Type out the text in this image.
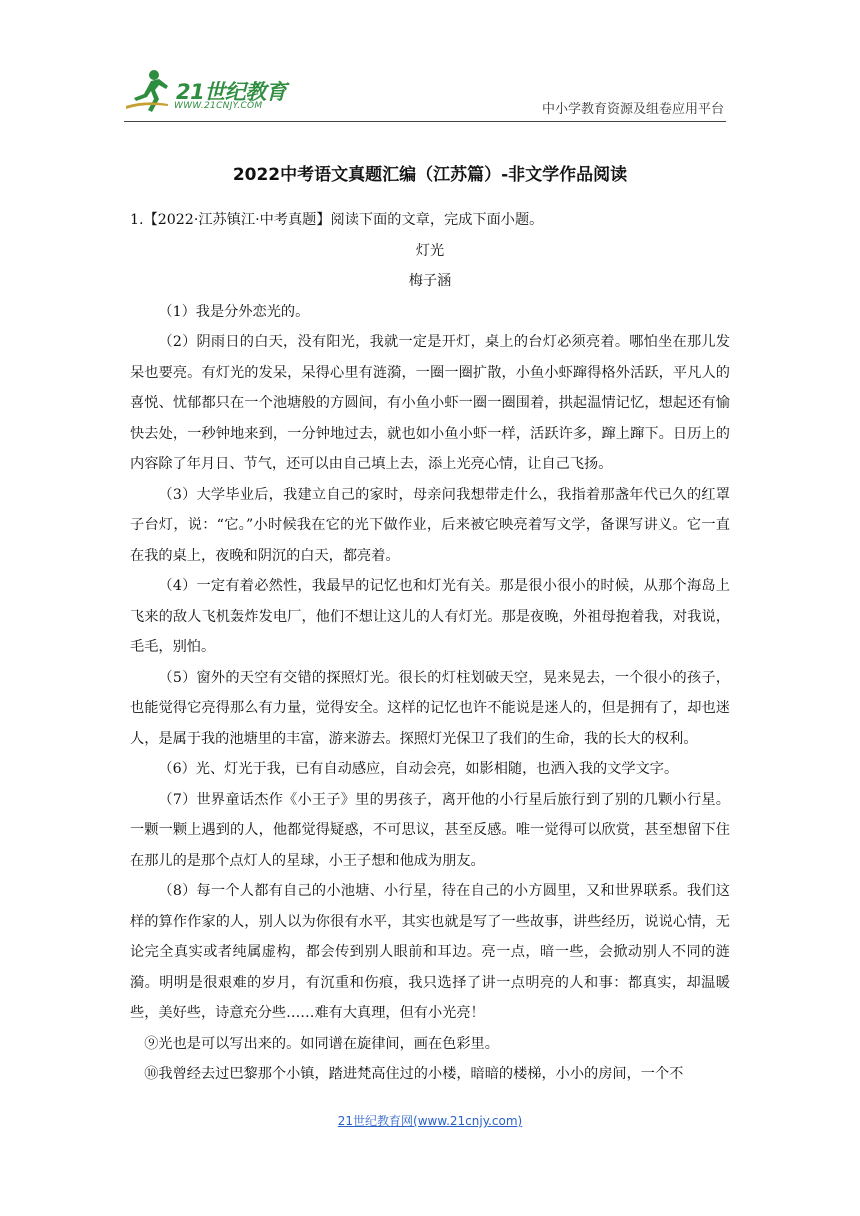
21世纪教育
WWW.21CNJY.COM	中小学教育资源及组卷应用平台
2022中考语文真题汇编（江苏篇）-非文学作品阅读

1.【2022·江苏镇江·中考真题】阅读下面的文章，完成下面小题。

灯光

梅子涵

（1）我是分外恋光的。

（2）阴雨日的白天，没有阳光，我就一定是开灯，桌上的台灯必须亮着。哪怕坐在那儿发呆也要亮。有灯光的发呆，呆得心里有涟漪，一圈一圈扩散，小鱼小虾蹿得格外活跃，平凡人的喜悦、忧郁都只在一个池塘般的方圆间，有小鱼小虾一圈一圈围着，拱起温情记忆，想起还有愉快去处，一秒钟地来到，一分钟地过去，就也如小鱼小虾一样，活跃许多，蹿上蹿下。日历上的内容除了年月日、节气，还可以由自己填上去，添上光亮心情，让自己飞扬。

（3）大学毕业后，我建立自己的家时，母亲问我想带走什么，我指着那盏年代已久的红罩子台灯，说：“它。”小时候我在它的光下做作业，后来被它映亮着写文学，备课写讲义。它一直在我的桌上，夜晚和阴沉的白天，都亮着。

（4）一定有着必然性，我最早的记忆也和灯光有关。那是很小很小的时候，从那个海岛上飞来的敌人飞机轰炸发电厂，他们不想让这儿的人有灯光。那是夜晚，外祖母抱着我，对我说，毛毛，别怕。

（5）窗外的天空有交错的探照灯光。很长的灯柱划破天空，晃来晃去，一个很小的孩子，也能觉得它亮得那么有力量，觉得安全。这样的记忆也许不能说是迷人的，但是拥有了，却也迷人，是属于我的池塘里的丰富，游来游去。探照灯光保卫了我们的生命，我的长大的权利。

（6）光、灯光于我，已有自动感应，自动会亮，如影相随，也洒入我的文学文字。

（7）世界童话杰作《小王子》里的男孩子，离开他的小行星后旅行到了别的几颗小行星。一颗一颗上遇到的人，他都觉得疑惑，不可思议，甚至反感。唯一觉得可以欣赏，甚至想留下住在那儿的是那个点灯人的星球，小王子想和他成为朋友。

（8）每一个人都有自己的小池塘、小行星，待在自己的小方圆里，又和世界联系。我们这样的算作作家的人，别人以为你很有水平，其实也就是写了一些故事，讲些经历，说说心情，无论完全真实或者纯属虚构，都会传到别人眼前和耳边。亮一点，暗一些，会掀动别人不同的涟漪。明明是很艰难的岁月，有沉重和伤痕，我只选择了讲一点明亮的人和事：都真实，却温暖些，美好些，诗意充分些……难有大真理，但有小光亮！

⑨光也是可以写出来的。如同谱在旋律间，画在色彩里。

⑩我曾经去过巴黎那个小镇，踏进梵高住过的小楼，暗暗的楼梯，小小的房间，一个不

21世纪教育网(www.21cnjy.com)
